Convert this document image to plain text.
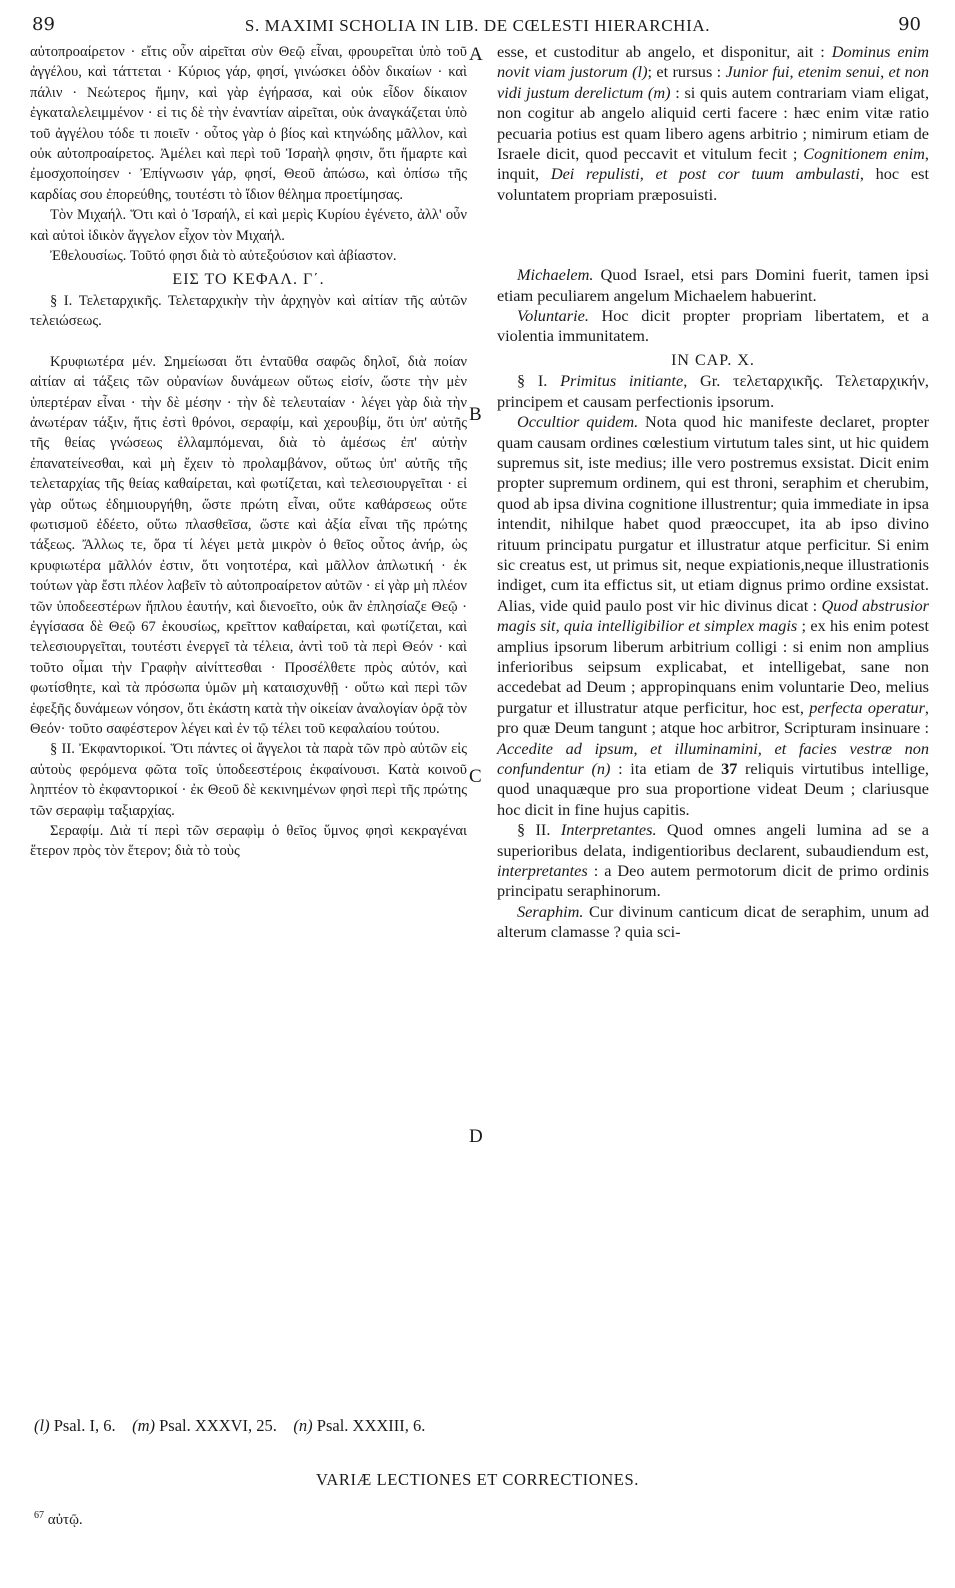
89	S. MAXIMI SCHOLIA IN LIB. DE CŒLESTI HIERARCHIA.	90

αὐτοπροαίρετον · εἴτις οὖν αἱρεῖται σὺν Θεῷ εἶναι, φρουρεῖται ὑπὸ τοῦ ἀγγέλου, καὶ τάττεται · Κύριος γάρ, φησί, γινώσκει ὁδὸν δικαίων · καὶ πάλιν · Νεώτερος ἤμην, καὶ γὰρ ἐγήρασα, καὶ οὐκ εἶδον δίκαιον ἐγκαταλελειμμένον · εἰ τις δὲ τὴν ἐναντίαν αἱρεῖται, οὐκ ἀναγκάζεται ὑπὸ τοῦ ἀγγέλου τόδε τι ποιεῖν · οὗτος γὰρ ὁ βίος καὶ κτηνώδης μᾶλλον, καὶ οὐκ αὐτοπροαίρετος. Ἀμέλει καὶ περὶ τοῦ Ἰσραὴλ φησιν, ὅτι ἥμαρτε καὶ ἐμοσχοποίησεν · Ἐπίγνωσιν γάρ, φησί, Θεοῦ ἀπώσω, καὶ ὀπίσω τῆς καρδίας σου ἐπορεύθης, τουτέστι τὸ ἴδιον θέλημα προετίμησας.

Τὸν Μιχαήλ. Ὅτι καὶ ὁ Ἰσραήλ, εἰ καὶ μερὶς Κυρίου ἐγένετο, ἀλλ' οὖν καὶ αὐτοὶ ἰδικὸν ἄγγελον εἶχον τὸν Μιχαήλ.

Ἐθελουσίως. Τοῦτό φησι διὰ τὸ αὐτεξούσιον καὶ ἀβίαστον.

ΕΙΣ ΤΟ ΚΕΦΑΛ. Γ΄.

§ I. Τελεταρχικῆς. Τελεταρχικὴν τὴν ἀρχηγὸν καὶ αἰτίαν τῆς αὐτῶν τελειώσεως.

Κρυφιωτέρα μέν. Σημείωσαι ὅτι ἐνταῦθα σαφῶς δηλοῖ, διὰ ποίαν αἰτίαν αἱ τάξεις τῶν οὐρανίων δυνάμεων οὕτως εἰσίν, ὥστε τὴν μὲν ὑπερτέραν εἶναι · τὴν δὲ μέσην · τὴν δὲ τελευταίαν · λέγει γὰρ διὰ τὴν ἀνωτέραν τάξιν, ἥτις ἐστὶ θρόνοι, σεραφίμ, καὶ χερουβίμ, ὅτι ὑπ' αὐτῆς τῆς θείας γνώσεως ἐλλαμπόμεναι, διὰ τὸ ἀμέσως ἐπ' αὐτὴν ἐπανατείνεσθαι, καὶ μὴ ἔχειν τὸ προλαμβάνον, οὕτως ὑπ' αὐτῆς τῆς τελεταρχίας τῆς θείας καθαίρεται, καὶ φωτίζεται, καὶ τελεσιουργεῖται · εἰ γὰρ οὕτως ἐδημιουργήθη, ὥστε πρώτη εἶναι, οὔτε καθάρσεως οὔτε φωτισμοῦ ἐδέετο, οὕτω πλασθεῖσα, ὥστε καὶ ἀξία εἶναι τῆς πρώτης τάξεως. Ἄλλως τε, ὅρα τί λέγει μετὰ μικρὸν ὁ θεῖος οὗτος ἀνήρ, ὡς κρυφιωτέρα μᾶλλόν ἐστιν, ὅτι νοητοτέρα, καὶ μᾶλλον ἁπλωτική · ἐκ τούτων γὰρ ἔστι πλέον λαβεῖν τὸ αὐτοπροαίρετον αὐτῶν · εἰ γὰρ μὴ πλέον τῶν ὑποδεεστέρων ἥπλου ἑαυτήν, καὶ διενοεῖτο, οὐκ ἂν ἐπλησίαζε Θεῷ · ἐγγίσασα δὲ Θεῷ 67 ἑκουσίως, κρεῖττον καθαίρεται, καὶ φωτίζεται, καὶ τελεσιουργεῖται, τουτέστι ἐνεργεῖ τὰ τέλεια, ἀντὶ τοῦ τὰ περὶ Θεόν · καὶ τοῦτο οἶμαι τὴν Γραφὴν αἰνίττεσθαι · Προσέλθετε πρὸς αὐτόν, καὶ φωτίσθητε, καὶ τὰ πρόσωπα ὑμῶν μὴ καταισχυνθῇ · οὕτω καὶ περὶ τῶν ἐφεξῆς δυνάμεων νόησον, ὅτι ἑκάστη κατὰ τὴν οἰκείαν ἀναλογίαν ὁρᾷ τὸν Θεόν· τοῦτο σαφέστερον λέγει καὶ ἐν τῷ τέλει τοῦ κεφαλαίου τούτου.

§ II. Ἐκφαντορικοί. Ὅτι πάντες οἱ ἄγγελοι τὰ παρὰ τῶν πρὸ αὐτῶν εἰς αὐτοὺς φερόμενα φῶτα τοῖς ὑποδεεστέροις ἐκφαίνουσι. Κατὰ κοινοῦ ληπτέον τὸ ἐκφαντορικοί · ἐκ Θεοῦ δὲ κεκινημένων φησὶ περὶ τῆς πρώτης τῶν σεραφὶμ ταξιαρχίας.

Σεραφίμ. Διὰ τί περὶ τῶν σεραφὶμ ὁ θεῖος ὕμνος φησὶ κεκραγέναι ἕτερον πρὸς τὸν ἕτερον; διὰ τὸ τοὺς

A
B
C
D

esse, et custoditur ab angelo, et disponitur, ait : Dominus enim novit viam justorum (l); et rursus : Junior fui, etenim senui, et non vidi justum derelictum (m) : si quis autem contrariam viam eligat, non cogitur ab angelo aliquid certi facere : hæc enim vitæ ratio pecuaria potius est quam libero agens arbitrio ; nimirum etiam de Israele dicit, quod peccavit et vitulum fecit ; Cognitionem enim, inquit, Dei repulisti, et post cor tuum ambulasti, hoc est voluntatem propriam præposuisti.

Michaelem. Quod Israel, etsi pars Domini fuerit, tamen ipsi etiam peculiarem angelum Michaelem habuerint.

Voluntarie. Hoc dicit propter propriam libertatem, et a violentia immunitatem.

IN CAP. X.

§ I. Primitus initiante, Gr. τελεταρχικῆς. Τελεταρχικήν, principem et causam perfectionis ipsorum.

Occultior quidem. Nota quod hic manifeste declaret, propter quam causam ordines cœlestium virtutum tales sint, ut hic quidem supremus sit, iste medius; ille vero postremus exsistat. Dicit enim propter supremum ordinem, qui est throni, seraphim et cherubim, quod ab ipsa divina cognitione illustrentur; quia immediate in ipsa intendit, nihilque habet quod præoccupet, ita ab ipso divino rituum principatu purgatur et illustratur atque perficitur. Si enim sic creatus est, ut primus sit, neque expiationis,neque illustrationis indiget, cum ita effictus sit, ut etiam dignus primo ordine exsistat. Alias, vide quid paulo post vir hic divinus dicat : Quod abstrusior magis sit, quia intelligibilior et simplex magis ; ex his enim potest amplius ipsorum liberum arbitrium colligi : si enim non amplius inferioribus seipsum explicabat, et intelligebat, sane non accedebat ad Deum ; appropinquans enim voluntarie Deo, melius purgatur et illustratur atque perficitur, hoc est, perfecta operatur, pro quæ Deum tangunt ; atque hoc arbitror, Scripturam insinuare : Accedite ad ipsum, et illuminamini, et facies vestræ non confundentur (n) : ita etiam de 37 reliquis virtutibus intellige, quod unaquæque pro sua proportione videat Deum ; clariusque hoc dicit in fine hujus capitis.

§ II. Interpretantes. Quod omnes angeli lumina ad se a superioribus delata, indigentioribus declarent, subaudiendum est, interpretantes : a Deo autem permotorum dicit de primo ordinis principatu seraphinorum.

Seraphim. Cur divinum canticum dicat de seraphim, unum ad alterum clamasse ? quia sci-

(l) Psal. I, 6. (m) Psal. XXXVI, 25. (n) Psal. XXXIII, 6.
VARIÆ LECTIONES ET CORRECTIONES.
$^{67}$ αὐτῷ.
